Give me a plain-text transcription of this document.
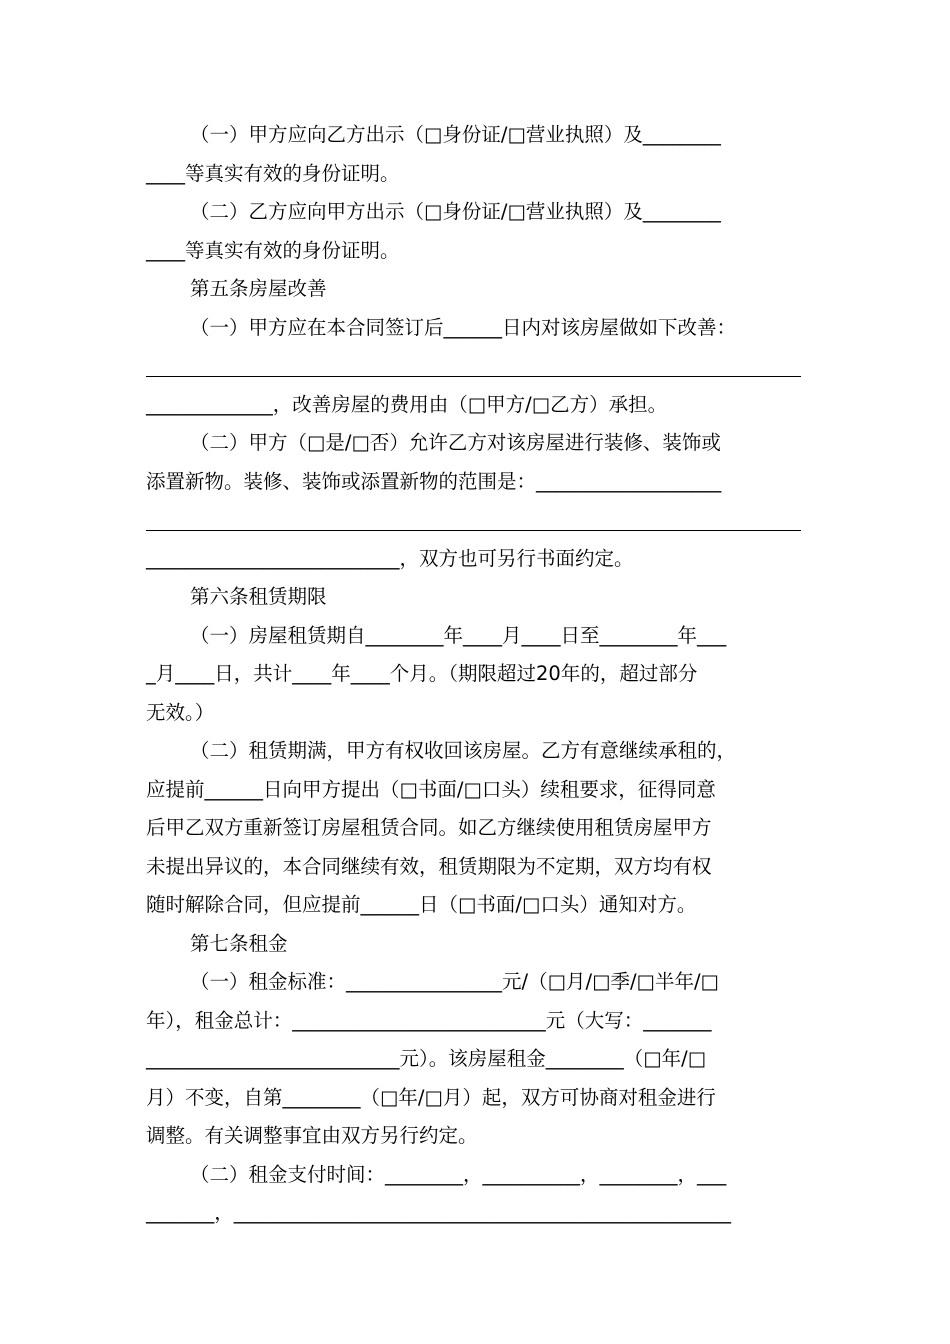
（一）甲方应向乙方出示（□身份证/□营业执照）及________
____等真实有效的身份证明。
（二）乙方应向甲方出示（□身份证/□营业执照）及________
____等真实有效的身份证明。
第五条房屋改善
（一）甲方应在本合同签订后______日内对该房屋做如下改善：
_____________，改善房屋的费用由（□甲方/□乙方）承担。
（二）甲方（□是/□否）允许乙方对该房屋进行装修、装饰或
添置新物。装修、装饰或添置新物的范围是：___________________
__________________________，双方也可另行书面约定。
第六条租赁期限
（一）房屋租赁期自________年____月____日至________年___
_月____日，共计____年____个月。（期限超过20年的，超过部分
无效。）
（二）租赁期满，甲方有权收回该房屋。乙方有意继续承租的，
应提前______日向甲方提出（□书面/□口头）续租要求，征得同意
后甲乙双方重新签订房屋租赁合同。如乙方继续使用租赁房屋甲方
未提出异议的，本合同继续有效，租赁期限为不定期，双方均有权
随时解除合同，但应提前______日（□书面/□口头）通知对方。
第七条租金
（一）租金标准：________________元/（□月/□季/□半年/□
年），租金总计：__________________________元（大写：_______
__________________________元）。该房屋租金________（□年/□
月）不变，自第________（□年/□月）起，双方可协商对租金进行
调整。有关调整事宜由双方另行约定。
（二）租金支付时间：________，__________，________，___
_______，___________________________________________________
